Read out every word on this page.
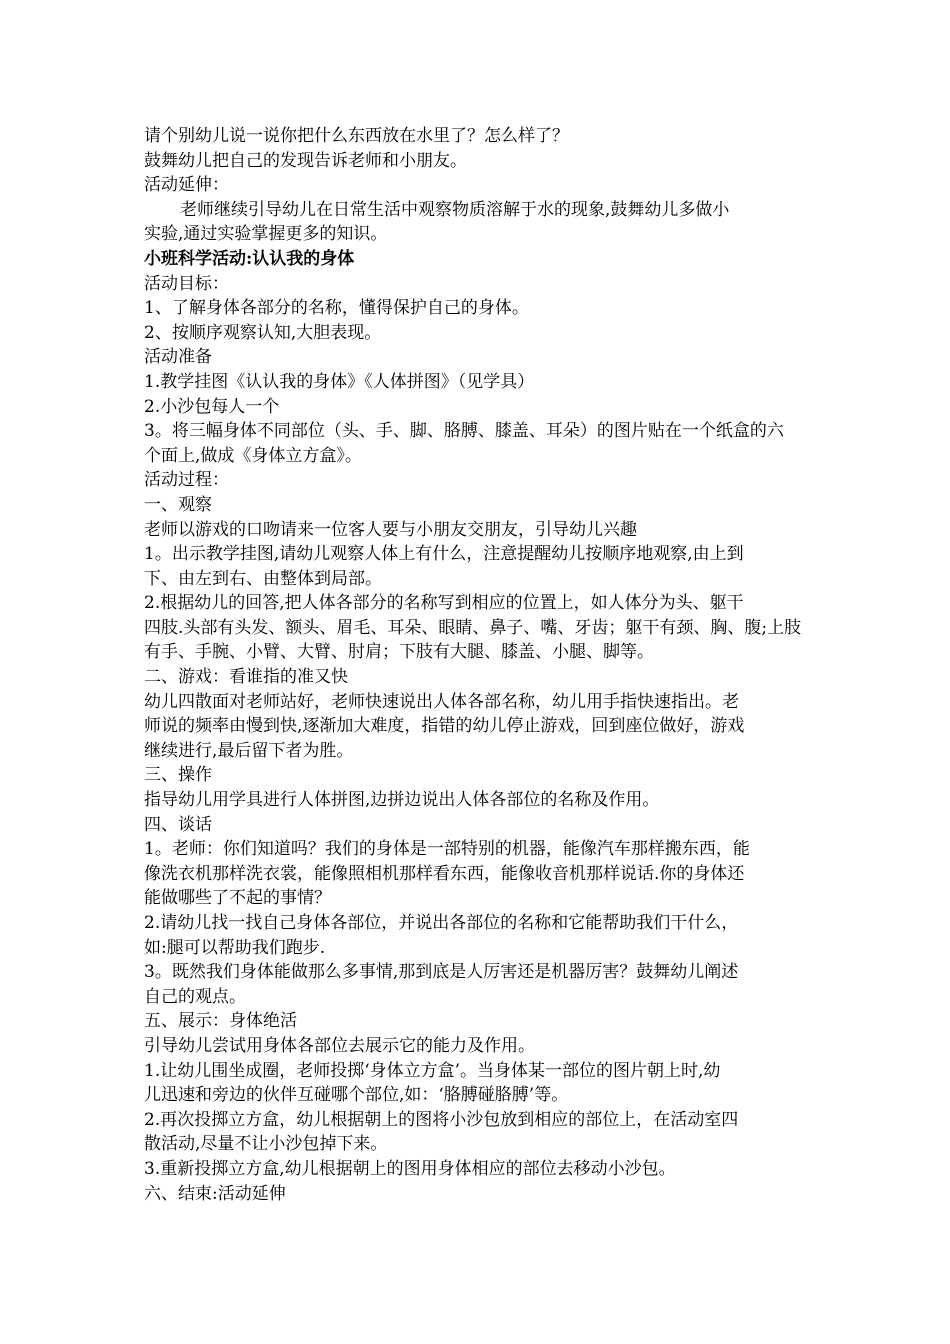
请个别幼儿说一说你把什么东西放在水里了？怎么样了？
鼓舞幼儿把自己的发现告诉老师和小朋友。
活动延伸：
老师继续引导幼儿在日常生活中观察物质溶解于水的现象,鼓舞幼儿多做小
实验,通过实验掌握更多的知识。
小班科学活动:认认我的身体
活动目标：
1、了解身体各部分的名称，懂得保护自己的身体。
2、按顺序观察认知,大胆表现。
活动准备
1.教学挂图《认认我的身体》《人体拼图》（见学具）
2.小沙包每人一个
3。将三幅身体不同部位（头、手、脚、胳膊、膝盖、耳朵）的图片贴在一个纸盒的六
个面上,做成《身体立方盒》。
活动过程：
一、观察
老师以游戏的口吻请来一位客人要与小朋友交朋友，引导幼儿兴趣
1。出示教学挂图,请幼儿观察人体上有什么，注意提醒幼儿按顺序地观察,由上到
下、由左到右、由整体到局部。
2.根据幼儿的回答,把人体各部分的名称写到相应的位置上，如人体分为头、躯干
四肢.头部有头发、额头、眉毛、耳朵、眼睛、鼻子、嘴、牙齿；躯干有颈、胸、腹;上肢
有手、手腕、小臂、大臂、肘肩；下肢有大腿、膝盖、小腿、脚等。
二、游戏：看谁指的准又快
幼儿四散面对老师站好，老师快速说出人体各部名称，幼儿用手指快速指出。老
师说的频率由慢到快,逐渐加大难度，指错的幼儿停止游戏，回到座位做好，游戏
继续进行,最后留下者为胜。
三、操作
指导幼儿用学具进行人体拼图,边拼边说出人体各部位的名称及作用。
四、谈话
1。老师：你们知道吗？我们的身体是一部特别的机器，能像汽车那样搬东西，能
像洗衣机那样洗衣裳，能像照相机那样看东西，能像收音机那样说话.你的身体还
能做哪些了不起的事情？
2.请幼儿找一找自己身体各部位，并说出各部位的名称和它能帮助我们干什么，
如:腿可以帮助我们跑步.
3。既然我们身体能做那么多事情,那到底是人厉害还是机器厉害？鼓舞幼儿阐述
自己的观点。
五、展示：身体绝活
引导幼儿尝试用身体各部位去展示它的能力及作用。
1.让幼儿围坐成圈，老师投掷‘身体立方盒’。当身体某一部位的图片朝上时,幼
儿迅速和旁边的伙伴互碰哪个部位,如：‘胳膊碰胳膊’等。
2.再次投掷立方盒，幼儿根据朝上的图将小沙包放到相应的部位上，在活动室四
散活动,尽量不让小沙包掉下来。
3.重新投掷立方盒,幼儿根据朝上的图用身体相应的部位去移动小沙包。
六、结束:活动延伸
